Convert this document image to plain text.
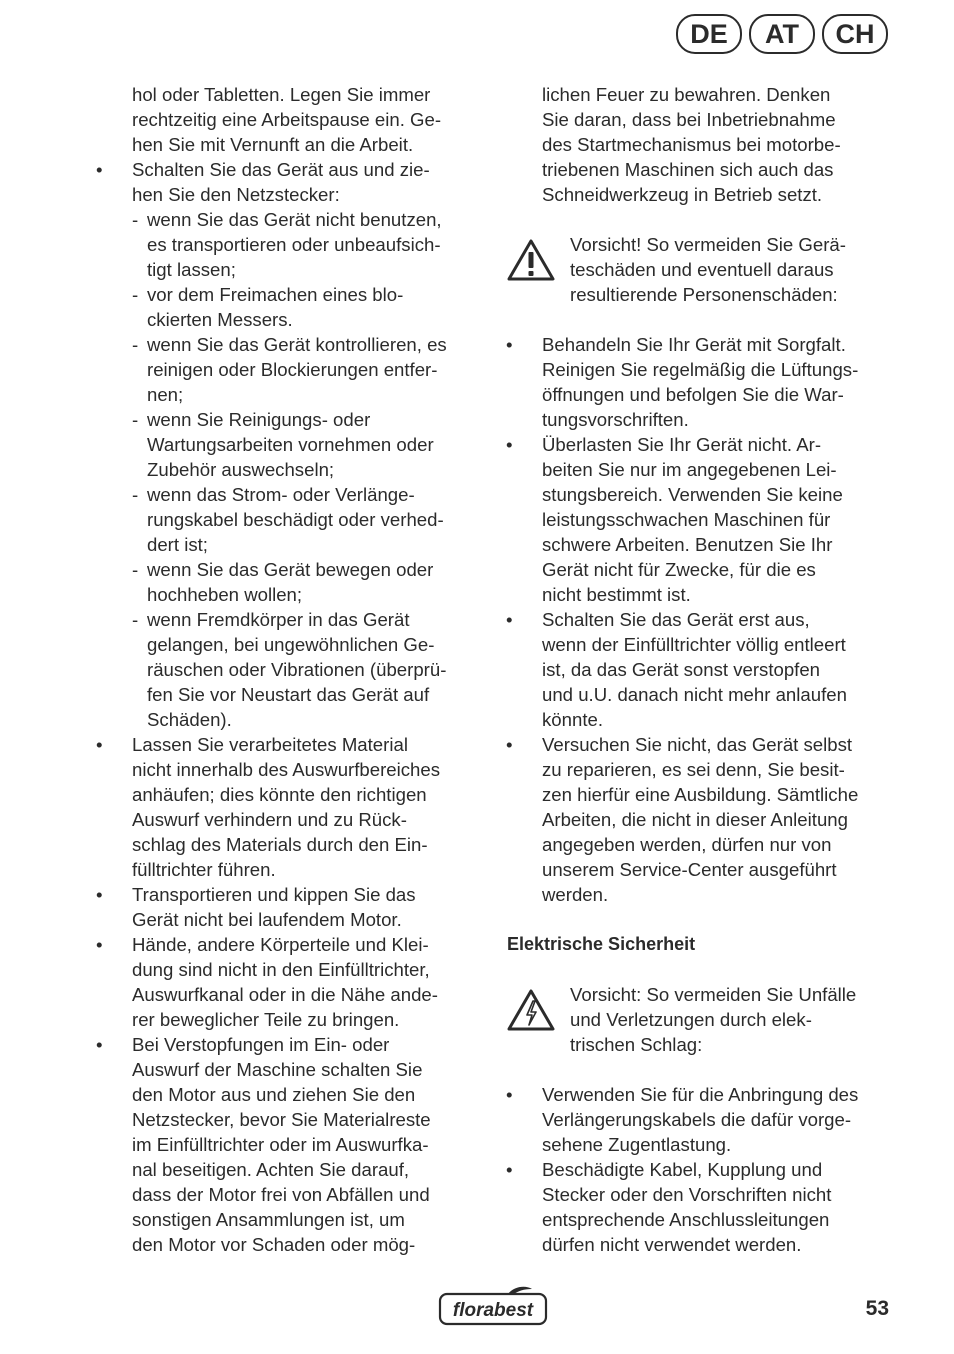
DE	AT	CH
hol oder Tabletten. Legen Sie immer
rechtzeitig eine Arbeitspause ein. Ge-
hen Sie mit Vernunft an die Arbeit.
• Schalten Sie das Gerät aus und zie-
hen Sie den Netzstecker:
- wenn Sie das Gerät nicht benutzen,
es transportieren oder unbeaufsich-
tigt lassen;
- vor dem Freimachen eines blo-
ckierten Messers.
- wenn Sie das Gerät kontrollieren, es
reinigen oder Blockierungen entfer-
nen;
- wenn Sie Reinigungs- oder
Wartungsarbeiten vornehmen oder
Zubehör auswechseln;
- wenn das Strom- oder Verlänge-
rungskabel beschädigt oder verhed-
dert ist;
- wenn Sie das Gerät bewegen oder
hochheben wollen;
- wenn Fremdkörper in das Gerät
gelangen, bei ungewöhnlichen Ge-
räuschen oder Vibrationen (überprü-
fen Sie vor Neustart das Gerät auf
Schäden).
• Lassen Sie verarbeitetes Material
nicht innerhalb des Auswurfbereiches
anhäufen; dies könnte den richtigen
Auswurf verhindern und zu Rück-
schlag des Materials durch den Ein-
fülltrichter führen.
• Transportieren und kippen Sie das
Gerät nicht bei laufendem Motor.
• Hände, andere Körperteile und Klei-
dung sind nicht in den Einfülltrichter,
Auswurfkanal oder in die Nähe ande-
rer beweglicher Teile zu bringen.
• Bei Verstopfungen im Ein- oder
Auswurf der Maschine schalten Sie
den Motor aus und ziehen Sie den
Netzstecker, bevor Sie Materialreste
im Einfülltrichter oder im Auswurfka-
nal beseitigen. Achten Sie darauf,
dass der Motor frei von Abfällen und
sonstigen Ansammlungen ist, um
den Motor vor Schaden oder mög-
lichen Feuer zu bewahren. Denken
Sie daran, dass bei Inbetriebnahme
des Startmechanismus bei motorbe-
triebenen Maschinen sich auch das
Schneidwerkzeug in Betrieb setzt.
Vorsicht! So vermeiden Sie Gerä-
teschäden und eventuell daraus
resultierende Personenschäden:
• Behandeln Sie Ihr Gerät mit Sorgfalt.
Reinigen Sie regelmäßig die Lüftungs-
öffnungen und befolgen Sie die War-
tungsvorschriften.
• Überlasten Sie Ihr Gerät nicht. Ar-
beiten Sie nur im angegebenen Lei-
stungsbereich. Verwenden Sie keine
leistungsschwachen Maschinen für
schwere Arbeiten. Benutzen Sie Ihr
Gerät nicht für Zwecke, für die es
nicht bestimmt ist.
• Schalten Sie das Gerät erst aus,
wenn der Einfülltrichter völlig entleert
ist, da das Gerät sonst verstopfen
und u.U. danach nicht mehr anlaufen
könnte.
• Versuchen Sie nicht, das Gerät selbst
zu reparieren, es sei denn, Sie besit-
zen hierfür eine Ausbildung. Sämtliche
Arbeiten, die nicht in dieser Anleitung
angegeben werden, dürfen nur von
unserem Service-Center ausgeführt
werden.
Elektrische Sicherheit
Vorsicht: So vermeiden Sie Unfälle
und Verletzungen durch elek-
trischen Schlag:
• Verwenden Sie für die Anbringung des
Verlängerungskabels die dafür vorge-
sehene Zugentlastung.
• Beschädigte Kabel, Kupplung und
Stecker oder den Vorschriften nicht
entsprechende Anschlussleitungen
dürfen nicht verwendet werden.
florabest	53
